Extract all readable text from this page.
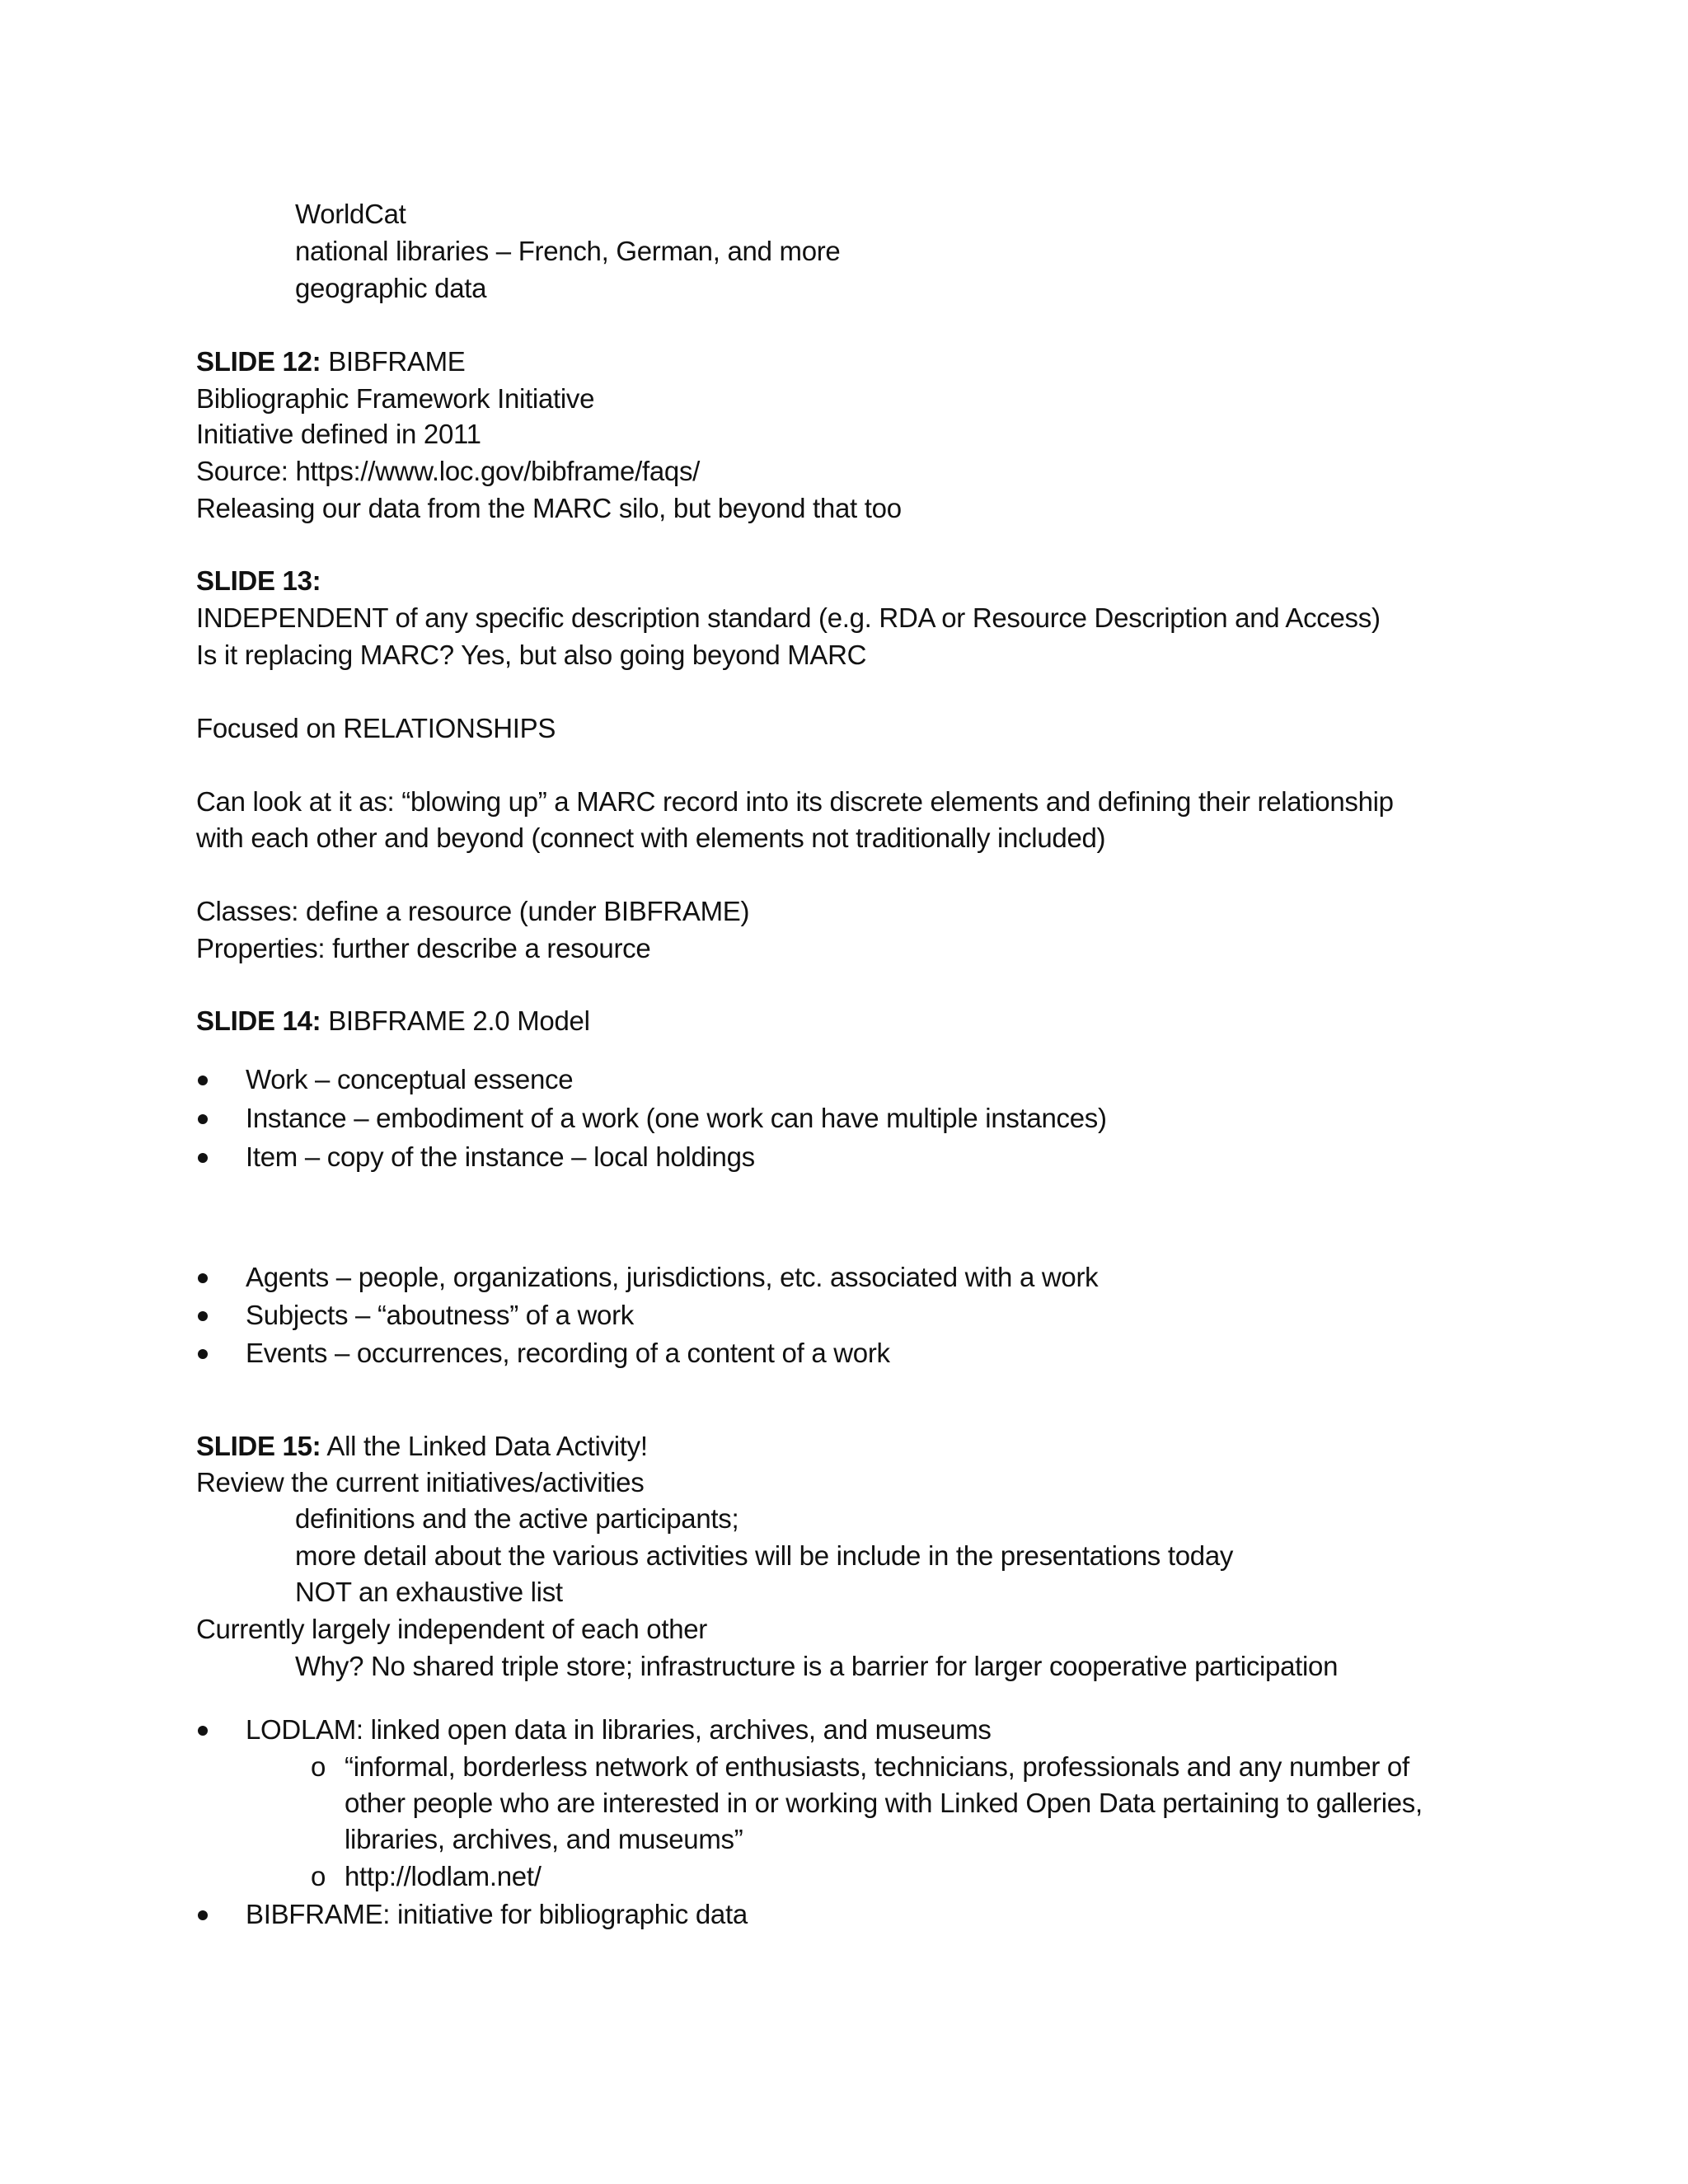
WorldCat
national libraries – French, German, and more
geographic data
SLIDE 12: BIBFRAME
Bibliographic Framework Initiative
Initiative defined in 2011
Source: https://www.loc.gov/bibframe/faqs/
Releasing our data from the MARC silo, but beyond that too
SLIDE 13:
INDEPENDENT of any specific description standard (e.g. RDA or Resource Description and Access)
Is it replacing MARC? Yes, but also going beyond MARC
Focused on RELATIONSHIPS
Can look at it as: “blowing up” a MARC record into its discrete elements and defining their relationship
with each other and beyond (connect with elements not traditionally included)
Classes: define a resource (under BIBFRAME)
Properties: further describe a resource
SLIDE 14: BIBFRAME 2.0 Model
Work – conceptual essence
Instance – embodiment of a work (one work can have multiple instances)
Item – copy of the instance – local holdings
Agents – people, organizations, jurisdictions, etc. associated with a work
Subjects – “aboutness” of a work
Events – occurrences, recording of a content of a work
SLIDE 15: All the Linked Data Activity!
Review the current initiatives/activities
definitions and the active participants;
more detail about the various activities will be include in the presentations today
NOT an exhaustive list
Currently largely independent of each other
Why? No shared triple store; infrastructure is a barrier for larger cooperative participation
LODLAM: linked open data in libraries, archives, and museums
o “informal, borderless network of enthusiasts, technicians, professionals and any number of
other people who are interested in or working with Linked Open Data pertaining to galleries,
libraries, archives, and museums”
o http://lodlam.net/
BIBFRAME: initiative for bibliographic data
